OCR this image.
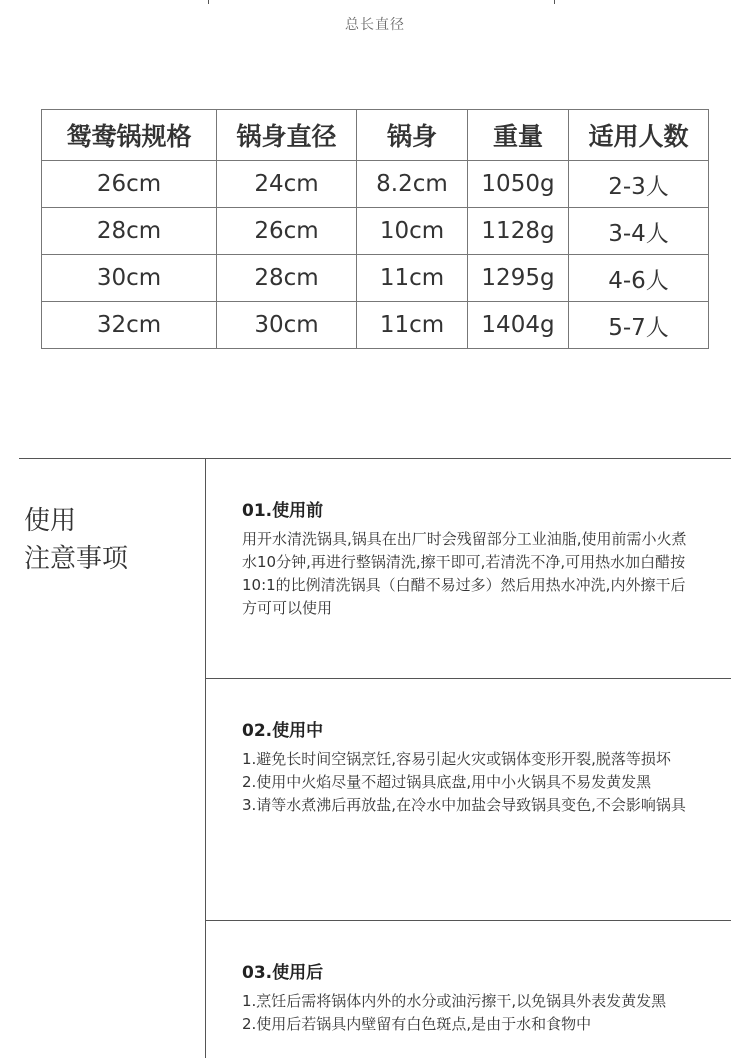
总长直径
鸳鸯锅规格	锅身直径	锅身	重量	适用人数
26cm	24cm	8.2cm	1050g	2-3人
28cm	26cm	10cm	1128g	3-4人
30cm	28cm	11cm	1295g	4-6人
32cm	30cm	11cm	1404g	5-7人
使用
注意事项
01.使用前

用开水清洗锅具,锅具在出厂时会残留部分工业油脂,使用前需小火煮水10分钟,再进行整锅清洗,擦干即可,若清洗不净,可用热水加白醋按10:1的比例清洗锅具（白醋不易过多）然后用热水冲洗,内外擦干后方可可以使用

02.使用中

1.避免长时间空锅烹饪,容易引起火灾或锅体变形开裂,脱落等损坏

2.使用中火焰尽量不超过锅具底盘,用中小火锅具不易发黄发黑

3.请等水煮沸后再放盐,在冷水中加盐会导致锅具变色,不会影响锅具

03.使用后

1.烹饪后需将锅体内外的水分或油污擦干,以免锅具外表发黄发黑

2.使用后若锅具内壁留有白色斑点,是由于水和食物中
